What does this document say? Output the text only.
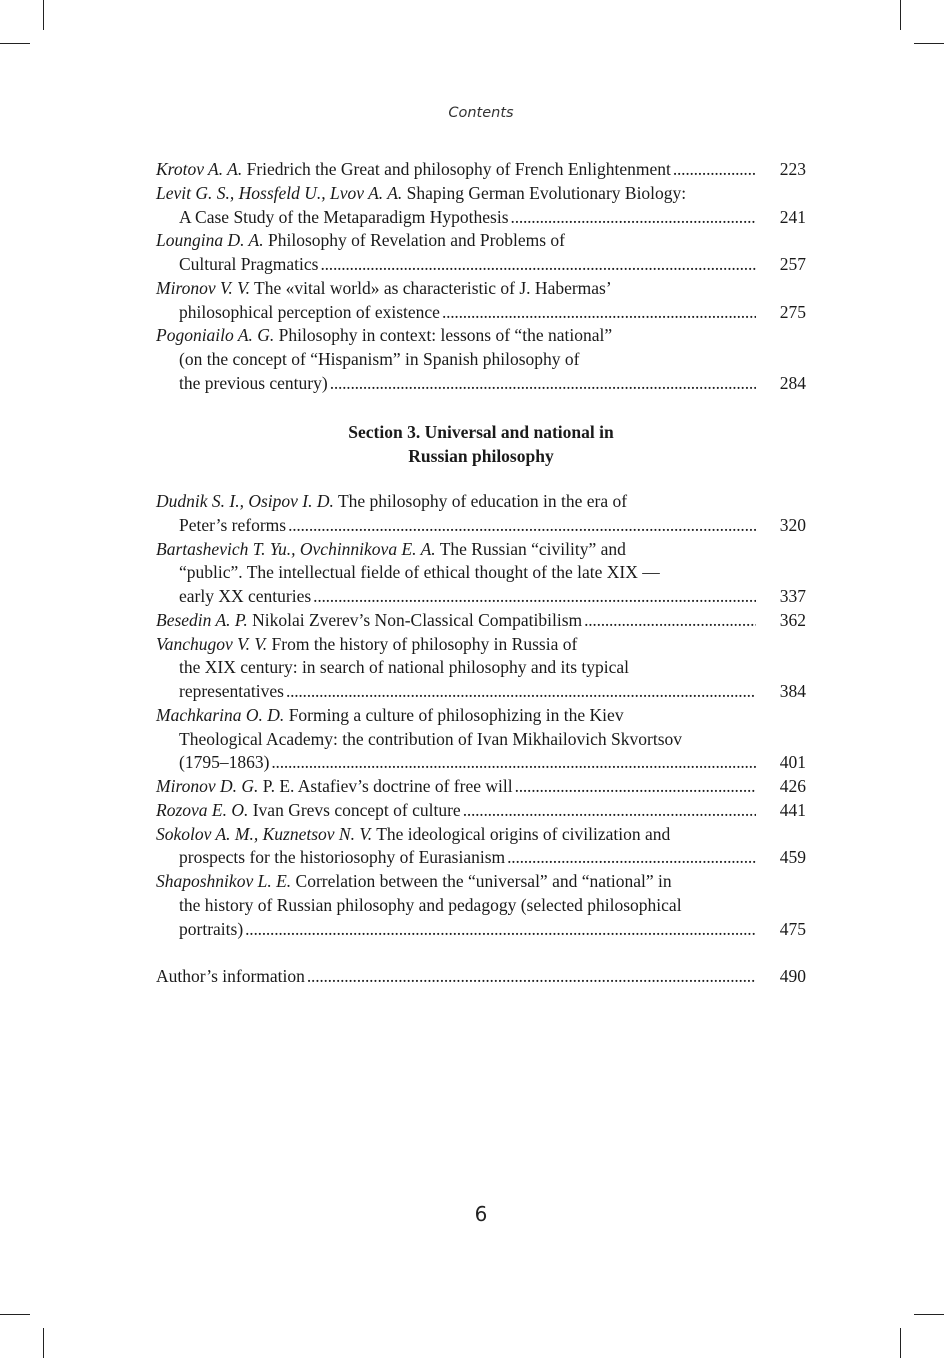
Contents
Krotov A. A. Friedrich the Great and philosophy of French Enlightenment . . .	223
Levit G. S., Hossfeld U., Lvov A. A. Shaping German Evolutionary Biology:
A Case Study of the Metaparadigm Hypothesis . . .	241
Loungina D. A. Philosophy of Revelation and Problems of
Cultural Pragmatics . . .	257
Mironov V. V. The «vital world» as characteristic of J. Habermas’
philosophical perception of existence . . .	275
Pogoniailo A. G. Philosophy in context: lessons of “the national”
(on the concept of “Hispanism” in Spanish philosophy of
the previous century) . . .	284
Section 3. Universal and national in
Russian philosophy
Dudnik S. I., Osipov I. D. The philosophy of education in the era of
Peter’s reforms . . .	320
Bartashevich T. Yu., Ovchinnikova E. A. The Russian “civility” and
“public”. The intellectual fielde of ethical thought of the late XIX —
early XX centuries . . .	337
Besedin A. P. Nikolai Zverev’s Non-Classical Compatibilism . . .	362
Vanchugov V. V. From the history of philosophy in Russia of
the XIX century: in search of national philosophy and its typical
representatives . . .	384
Machkarina O. D. Forming a culture of philosophizing in the Kiev
Theological Academy: the contribution of Ivan Mikhailovich Skvortsov
(1795–1863) . . .	401
Mironov D. G. P. E. Astafiev’s doctrine of free will . . .	426
Rozova E. O. Ivan Grevs concept of culture . . .	441
Sokolov A. M., Kuznetsov N. V. The ideological origins of civilization and
prospects for the historiosophy of Eurasianism . . .	459
Shaposhnikov L. E. Correlation between the “universal” and “national” in
the history of Russian philosophy and pedagogy (selected philosophical
portraits) . . .	475
Author’s information . . .	490
6
